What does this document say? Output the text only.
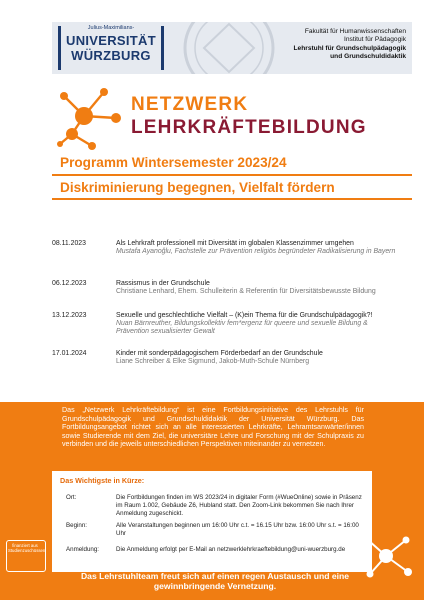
Julius-Maximilians-
UNIVERSITÄT
WÜRZBURG
Fakultät für Humanwissenschaften
Institut für Pädagogik
Lehrstuhl für Grundschulpädagogik
und Grundschuldidaktik
NETZWERK
LEHRKRÄFTEBILDUNG
Programm Wintersemester 2023/24
Diskriminierung begegnen, Vielfalt fördern
08.11.2023	Als Lehrkraft professionell mit Diversität im globalen Klassenzimmer umgehen
Mustafa Ayanoğlu, Fachstelle zur Prävention religiös begründeter Radikalisierung in Bayern
06.12.2023	Rassismus in der Grundschule
Christiane Lenhard, Ehem. Schulleiterin & Referentin für Diversitätsbewusste Bildung
13.12.2023	Sexuelle und geschlechtliche Vielfalt – (K)ein Thema für die Grundschulpädagogik?!
Nuan Bärnreuther, Bildungskollektiv fem*ergenz für queere und sexuelle Bildung & Prävention sexualisierter Gewalt
17.01.2024	Kinder mit sonderpädagogischem Förderbedarf an der Grundschule
Liane Schreiber & Elke Sigmund, Jakob-Muth-Schule Nürnberg
Das „Netzwerk Lehrkräftebildung“ ist eine Fortbildungsinitiative des Lehrstuhls für Grundschulpädagogik und Grundschuldidaktik der Universität Würzburg. Das Fortbildungsangebot richtet sich an alle interessierten Lehrkräfte, Lehramtsanwärter/innen sowie Studierende mit dem Ziel, die universitäre Lehre und Forschung mit der Schulpraxis zu verbinden und die jeweils unterschiedlichen Perspektiven miteinander zu vernetzen.
Das Wichtigste in Kürze:
Ort:	Die Fortbildungen finden im WS 2023/24 in digitaler Form (#WueOnline) sowie in Präsenz im Raum 1.002, Gebäude Z6, Hubland statt. Den Zoom-Link bekommen Sie nach Ihrer Anmeldung zugeschickt.
Beginn:	Alle Veranstaltungen beginnen um 16:00 Uhr c.t. = 16.15 Uhr bzw. 16:00 Uhr s.t. = 16:00 Uhr
Anmeldung:	Die Anmeldung erfolgt per E-Mail an netzwerklehrkraeftebildung@uni-wuerzburg.de
Das Lehrstuhlteam freut sich auf einen regen Austausch und eine gewinnbringende Vernetzung.
finanziert aus Studienzuschüssen
